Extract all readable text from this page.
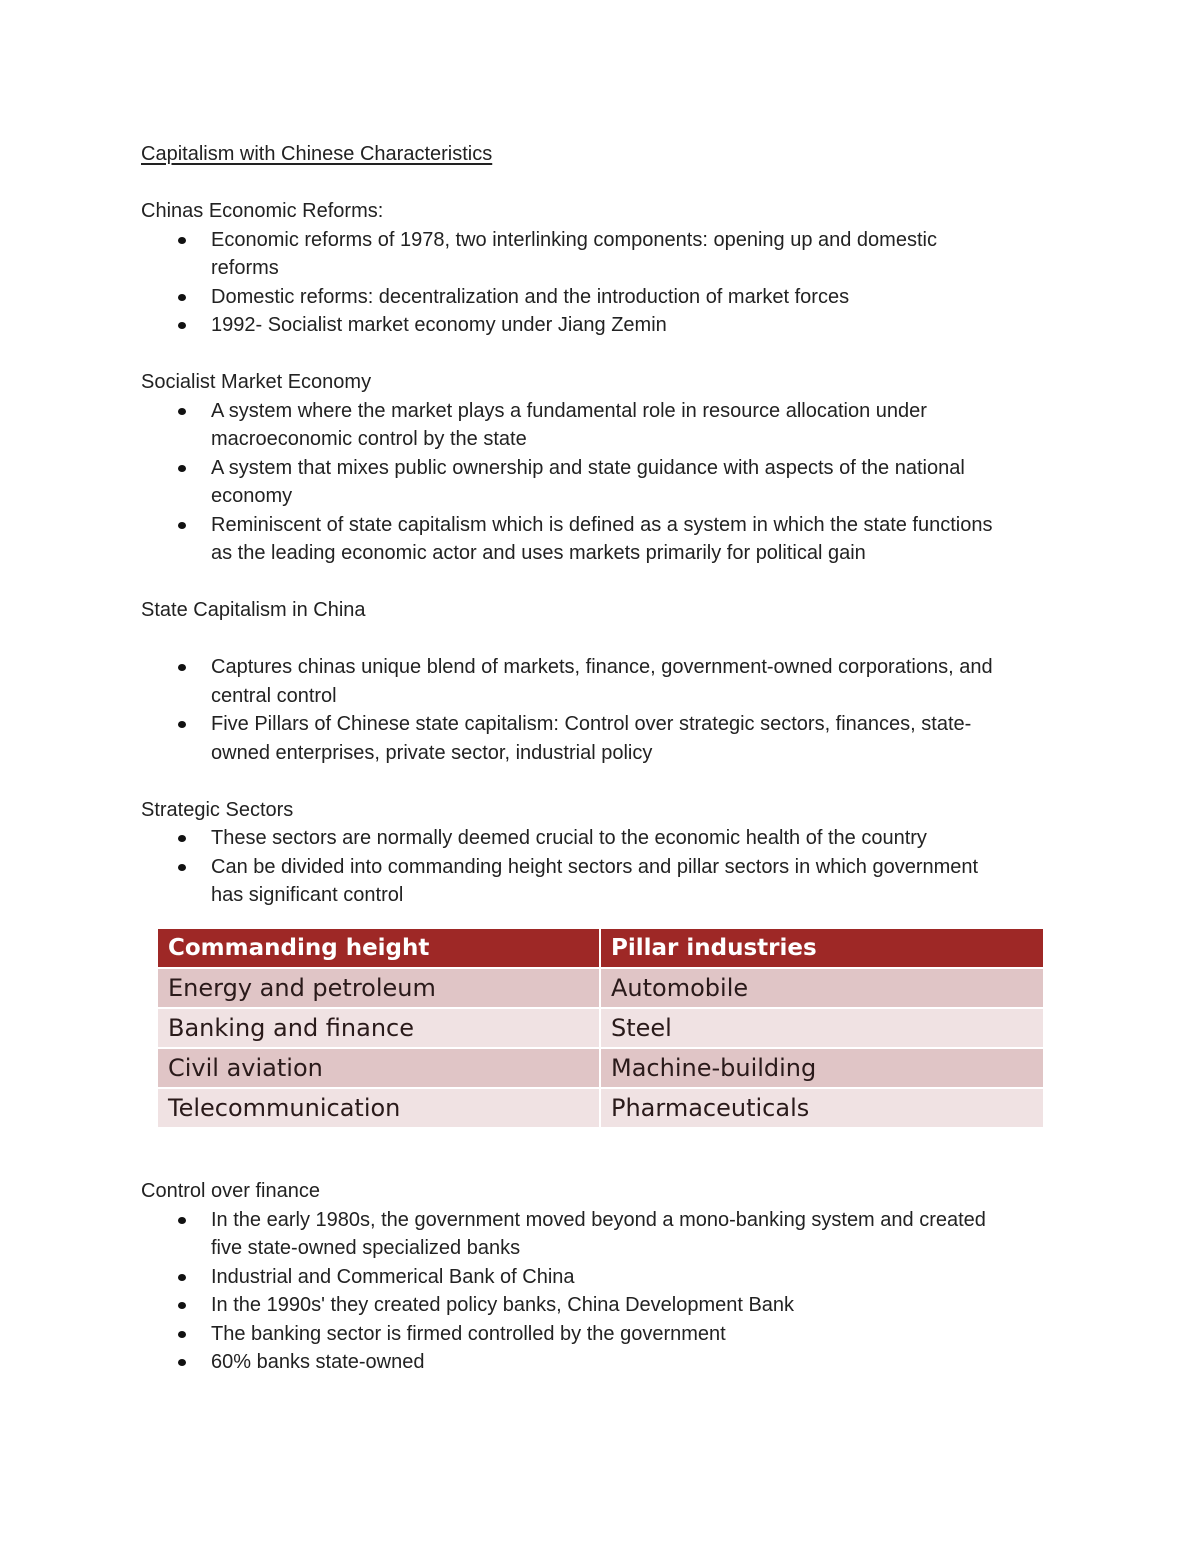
Capitalism with Chinese Characteristics
Chinas Economic Reforms:
Economic reforms of 1978, two interlinking components: opening up and domestic
reforms
Domestic reforms: decentralization and the introduction of market forces
1992- Socialist market economy under Jiang Zemin
Socialist Market Economy
A system where the market plays a fundamental role in resource allocation under
macroeconomic control by the state
A system that mixes public ownership and state guidance with aspects of the national
economy
Reminiscent of state capitalism which is defined as a system in which the state functions
as the leading economic actor and uses markets primarily for political gain
State Capitalism in China
Captures chinas unique blend of markets, finance, government-owned corporations, and
central control
Five Pillars of Chinese state capitalism: Control over strategic sectors, finances, state-
owned enterprises, private sector, industrial policy
Strategic Sectors
These sectors are normally deemed crucial to the economic health of the country
Can be divided into commanding height sectors and pillar sectors in which government
has significant control
Commanding height	Pillar industries
Energy and petroleum	Automobile
Banking and finance	Steel
Civil aviation	Machine-building
Telecommunication	Pharmaceuticals
Control over finance
In the early 1980s, the government moved beyond a mono-banking system and created
five state-owned specialized banks
Industrial and Commerical Bank of China
In the 1990s' they created policy banks, China Development Bank
The banking sector is firmed controlled by the government
60% banks state-owned
